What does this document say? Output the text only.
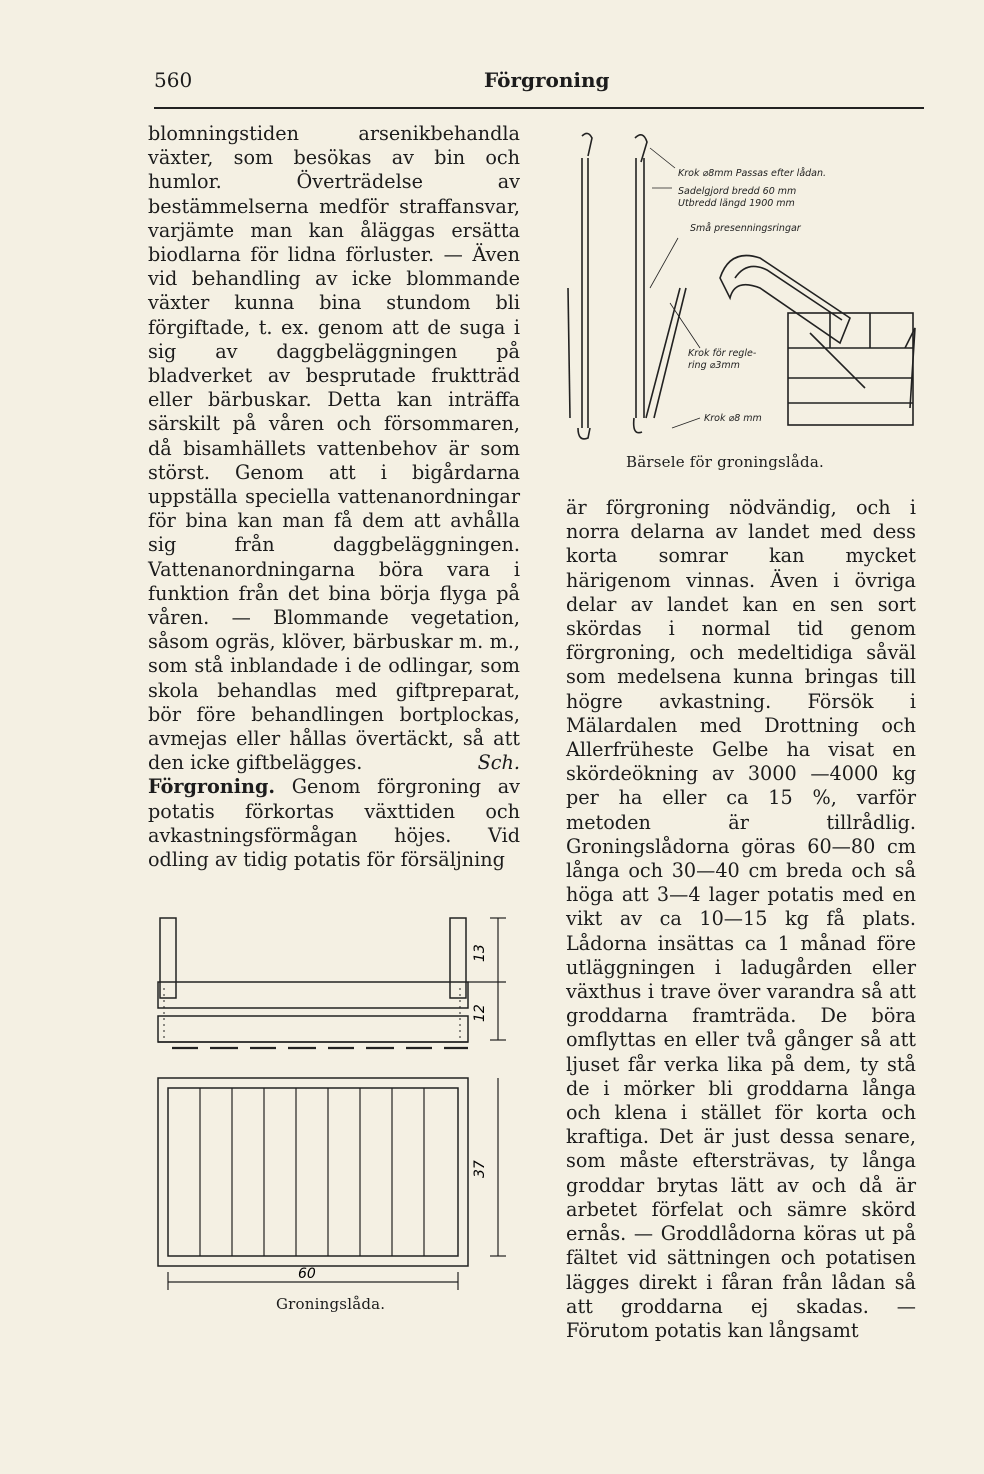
560	Förgroning

blomningstiden arsenikbehandla växter, som besökas av bin och humlor. Överträdelse av bestämmelserna medför straffansvar, varjämte man kan åläggas ersätta biodlarna för lidna förluster. — Även vid behandling av icke blommande växter kunna bina stundom bli förgiftade, t. ex. genom att de suga i sig av daggbeläggningen på bladverket av besprutade fruktträd eller bärbuskar. Detta kan inträffa särskilt på våren och försommaren, då bisamhällets vattenbehov är som störst. Genom att i bigårdarna uppställa speciella vattenanordningar för bina kan man få dem att avhålla sig från daggbeläggningen. Vattenanordningarna böra vara i funktion från det bina börja flyga på våren. — Blommande vegetation, såsom ogräs, klöver, bärbuskar m. m., som stå inblandade i de odlingar, som skola behandlas med giftpreparat, bör före behandlingen bortplockas, avmejas eller hållas övertäckt, så att den icke giftbelägges.	Sch.

Förgroning. Genom förgroning av potatis förkortas växttiden och avkastningsförmågan höjes. Vid odling av tidig potatis för försäljning

är förgroning nödvändig, och i norra delarna av landet med dess korta somrar kan mycket härigenom vinnas. Även i övriga delar av landet kan en sen sort skördas i normal tid genom förgroning, och medeltidiga såväl som medelsena kunna bringas till högre avkastning. Försök i Mälardalen med Drottning och Allerfrüheste Gelbe ha visat en skördeökning av 3000 —4000 kg per ha eller ca 15 %, varför metoden är tillrådlig. Groningslådorna göras 60—80 cm långa och 30—40 cm breda och så höga att 3—4 lager potatis med en vikt av ca 10—15 kg få plats. Lådorna insättas ca 1 månad före utläggningen i ladugården eller växthus i trave över varandra så att groddarna framträda. De böra omflyttas en eller två gånger så att ljuset får verka lika på dem, ty stå de i mörker bli groddarna långa och klena i stället för korta och kraftiga. Det är just dessa senare, som måste eftersträvas, ty långa groddar brytas lätt av och då är arbetet förfelat och sämre skörd ernås. — Groddlådorna köras ut på fältet vid sättningen och potatisen lägges direkt i fåran från lådan så att groddarna ej skadas. — Förutom potatis kan långsamt

Krok ⌀8mm Passas efter lådan.
Sadelgjord bredd 60 mm
Utbredd längd 1900 mm
Små presenningsringar
Krok för regle-
ring ⌀3mm
Krok ⌀8 mm
Bärsele för groningslåda.
13
12
37
60
Groningslåda.
